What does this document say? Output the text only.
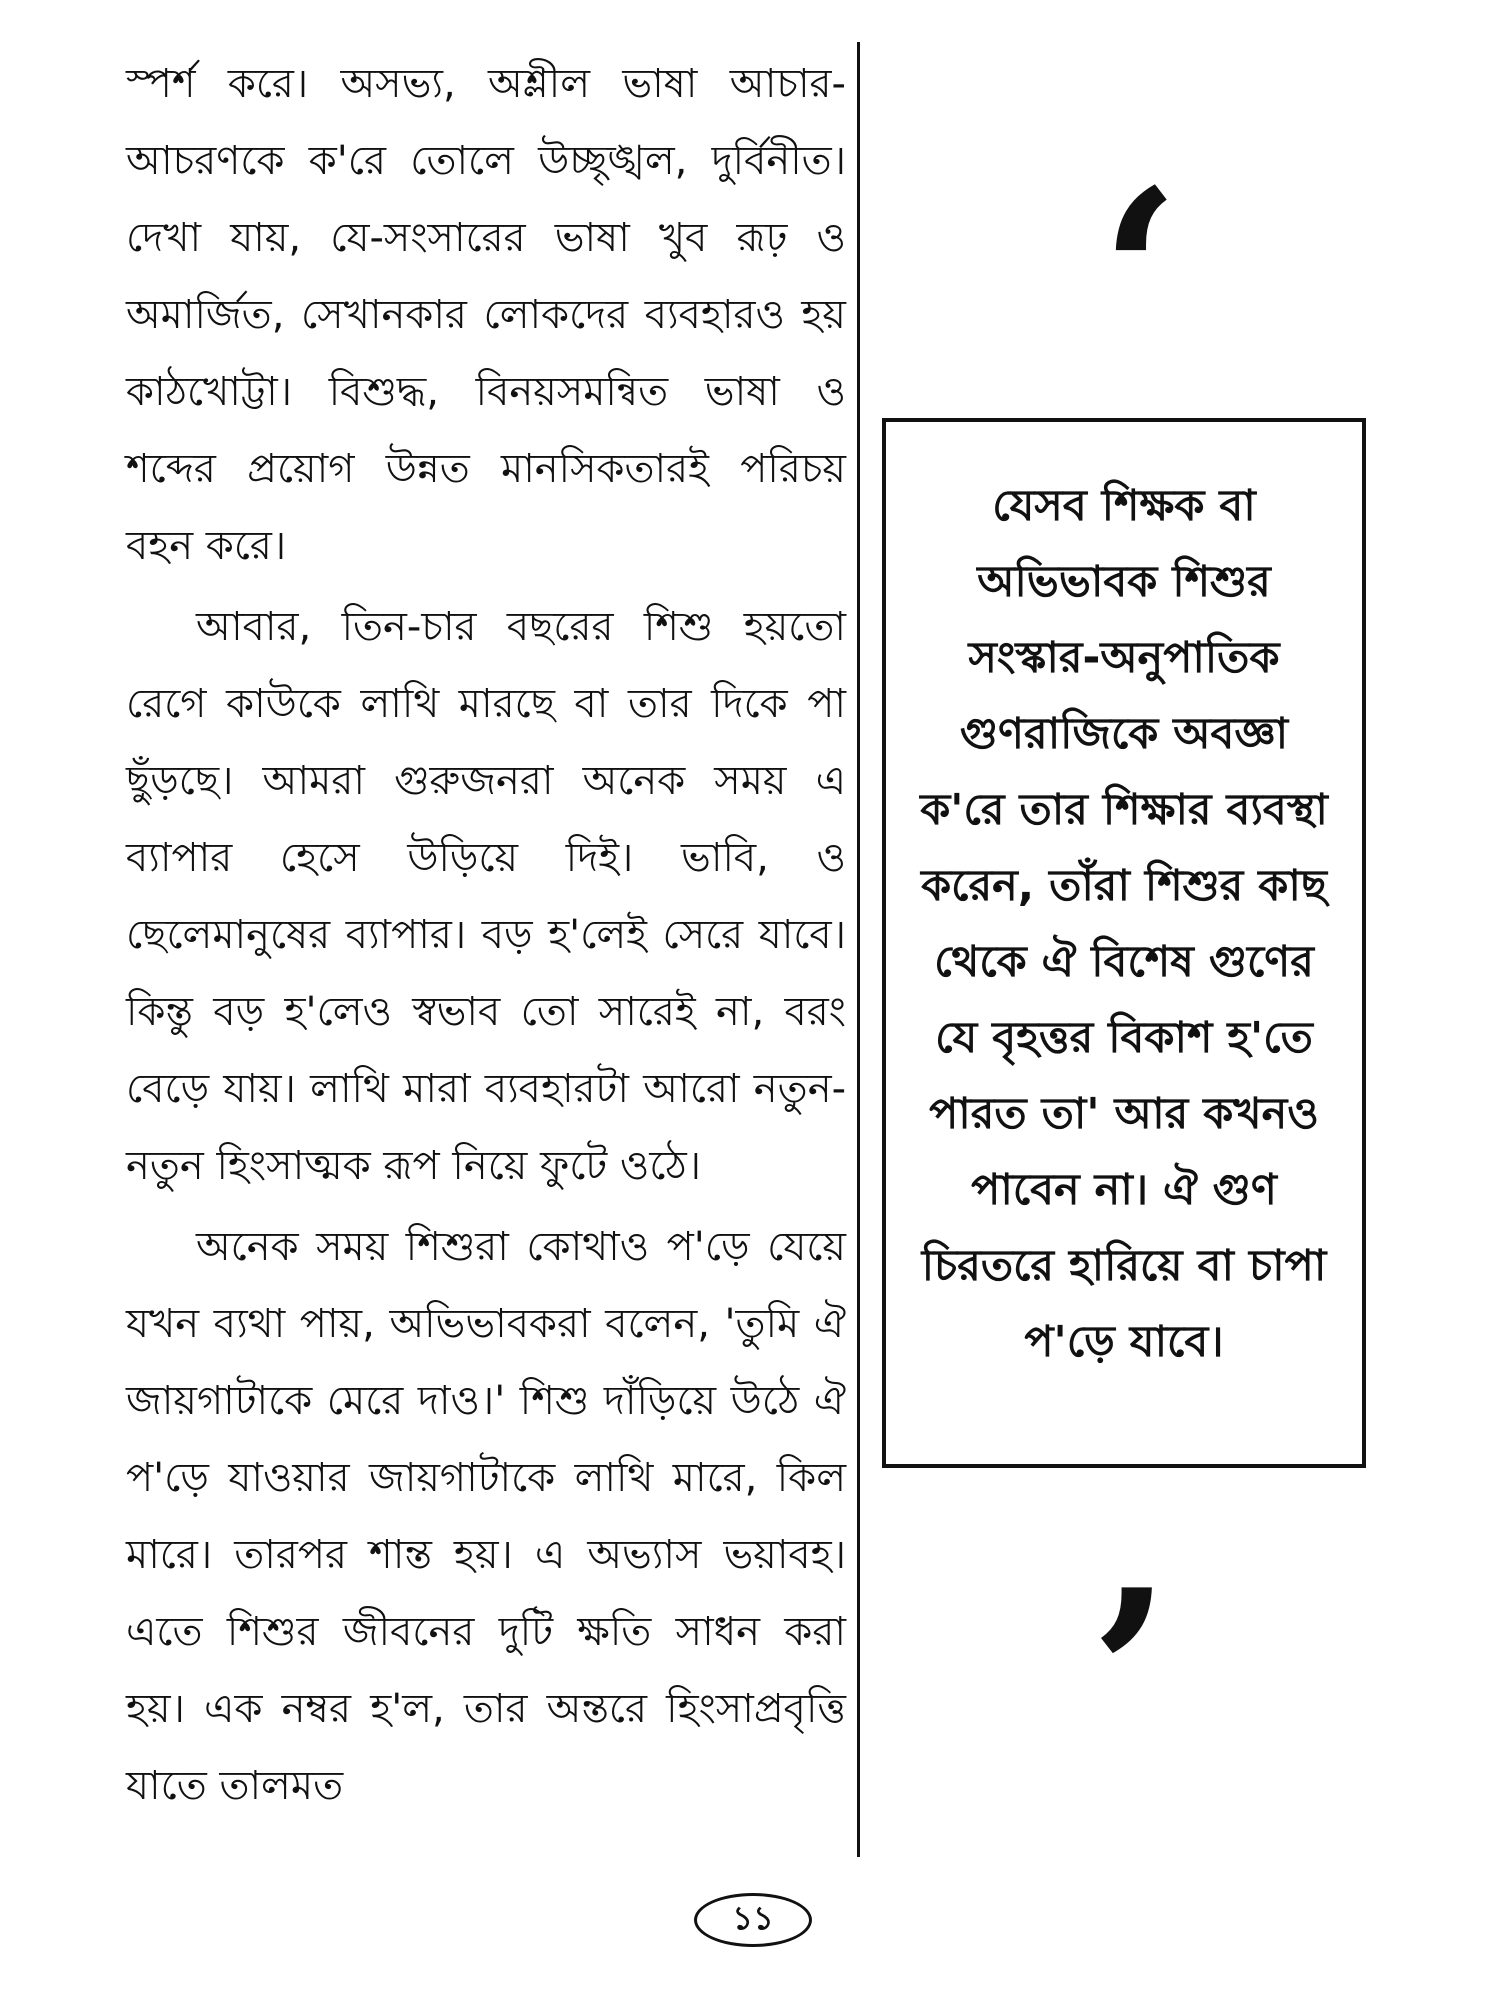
স্পর্শ করে। অসভ্য, অশ্লীল ভাষা আচার-আচরণকে ক'রে তোলে উচ্ছৃঙ্খল, দুর্বিনীত। দেখা যায়, যে-সংসারের ভাষা খুব রূঢ় ও অমার্জিত, সেখানকার লোকদের ব্যবহারও হয় কাঠখোট্টা। বিশুদ্ধ, বিনয়সমন্বিত ভাষা ও শব্দের প্রয়োগ উন্নত মানসিকতারই পরিচয় বহন করে।

আবার, তিন-চার বছরের শিশু হয়তো রেগে কাউকে লাথি মারছে বা তার দিকে পা ছুঁড়ছে। আমরা গুরুজনরা অনেক সময় এ ব্যাপার হেসে উড়িয়ে দিই। ভাবি, ও ছেলেমানুষের ব্যাপার। বড় হ'লেই সেরে যাবে। কিন্তু বড় হ'লেও স্বভাব তো সারেই না, বরং বেড়ে যায়। লাথি মারা ব্যবহারটা আরো নতুন-নতুন হিংসাত্মক রূপ নিয়ে ফুটে ওঠে।

অনেক সময় শিশুরা কোথাও প'ড়ে যেয়ে যখন ব্যথা পায়, অভিভাবকরা বলেন, 'তুমি ঐ জায়গাটাকে মেরে দাও।' শিশু দাঁড়িয়ে উঠে ঐ প'ড়ে যাওয়ার জায়গাটাকে লাথি মারে, কিল মারে। তারপর শান্ত হয়। এ অভ্যাস ভয়াবহ। এতে শিশুর জীবনের দুটি ক্ষতি সাধন করা হয়। এক নম্বর হ'ল, তার অন্তরে হিংসাপ্রবৃত্তি যাতে তালমত

‘

যেসব শিক্ষক বা অভিভাবক শিশুর সংস্কার-অনুপাতিক গুণরাজিকে অবজ্ঞা ক'রে তার শিক্ষার ব্যবস্থা করেন, তাঁরা শিশুর কাছ থেকে ঐ বিশেষ গুণের যে বৃহত্তর বিকাশ হ'তে পারত তা' আর কখনও পাবেন না। ঐ গুণ চিরতরে হারিয়ে বা চাপা প'ড়ে যাবে।

’
১১
